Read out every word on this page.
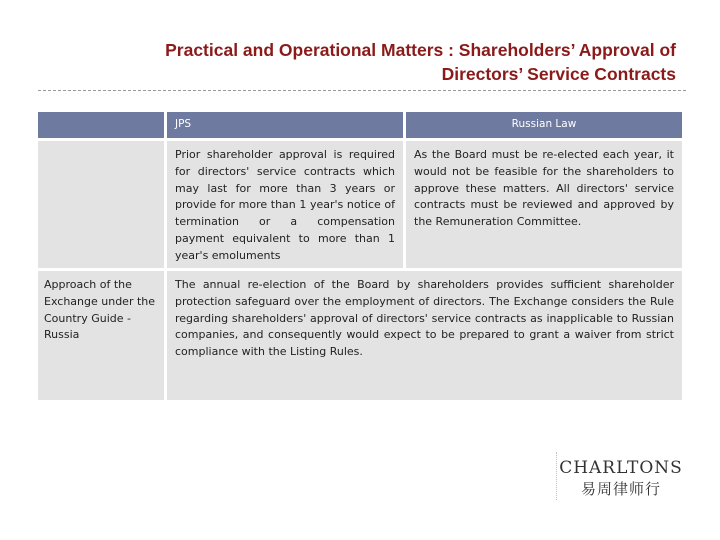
Practical and Operational Matters : Shareholders’ Approval of
Directors’ Service Contracts
JPS	Russian Law
Prior shareholder approval is required for directors' service contracts which may last for more than 3 years or provide for more than 1 year's notice of termination or a compensation payment equivalent to more than 1 year's emoluments
As the Board must be re-elected each year, it would not be feasible for the shareholders to approve these matters. All directors' service contracts must be reviewed and approved by the Remuneration Committee.
Approach of the Exchange under the Country Guide - Russia
The annual re-election of the Board by shareholders provides sufficient shareholder protection safeguard over the employment of directors. The Exchange considers the Rule regarding shareholders' approval of directors' service contracts as inapplicable to Russian companies, and consequently would expect to be prepared to grant a waiver from strict compliance with the Listing Rules.
CHARLTONS
易周律师行
